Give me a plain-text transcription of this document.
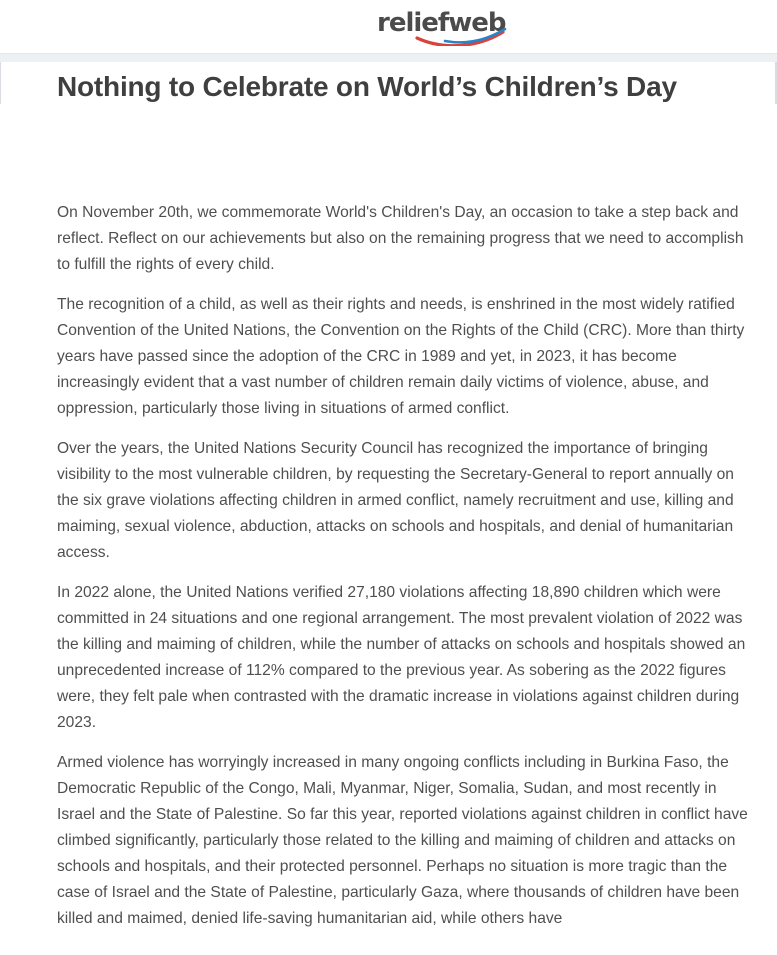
reliefweb
Nothing to Celebrate on World’s Children’s Day

On November 20th, we commemorate World's Children's Day, an occasion to take a step back and reflect. Reflect on our achievements but also on the remaining progress that we need to accomplish to fulfill the rights of every child.

The recognition of a child, as well as their rights and needs, is enshrined in the most widely ratified Convention of the United Nations, the Convention on the Rights of the Child (CRC). More than thirty years have passed since the adoption of the CRC in 1989 and yet, in 2023, it has become increasingly evident that a vast number of children remain daily victims of violence, abuse, and oppression, particularly those living in situations of armed conflict.

Over the years, the United Nations Security Council has recognized the importance of bringing visibility to the most vulnerable children, by requesting the Secretary-General to report annually on the six grave violations affecting children in armed conflict, namely recruitment and use, killing and maiming, sexual violence, abduction, attacks on schools and hospitals, and denial of humanitarian access.

In 2022 alone, the United Nations verified 27,180 violations affecting 18,890 children which were committed in 24 situations and one regional arrangement. The most prevalent violation of 2022 was the killing and maiming of children, while the number of attacks on schools and hospitals showed an unprecedented increase of 112% compared to the previous year. As sobering as the 2022 figures were, they felt pale when contrasted with the dramatic increase in violations against children during 2023.

Armed violence has worryingly increased in many ongoing conflicts including in Burkina Faso, the Democratic Republic of the Congo, Mali, Myanmar, Niger, Somalia, Sudan, and most recently in Israel and the State of Palestine. So far this year, reported violations against children in conflict have climbed significantly, particularly those related to the killing and maiming of children and attacks on schools and hospitals, and their protected personnel. Perhaps no situation is more tragic than the case of Israel and the State of Palestine, particularly Gaza, where thousands of children have been killed and maimed, denied life-saving humanitarian aid, while others have
